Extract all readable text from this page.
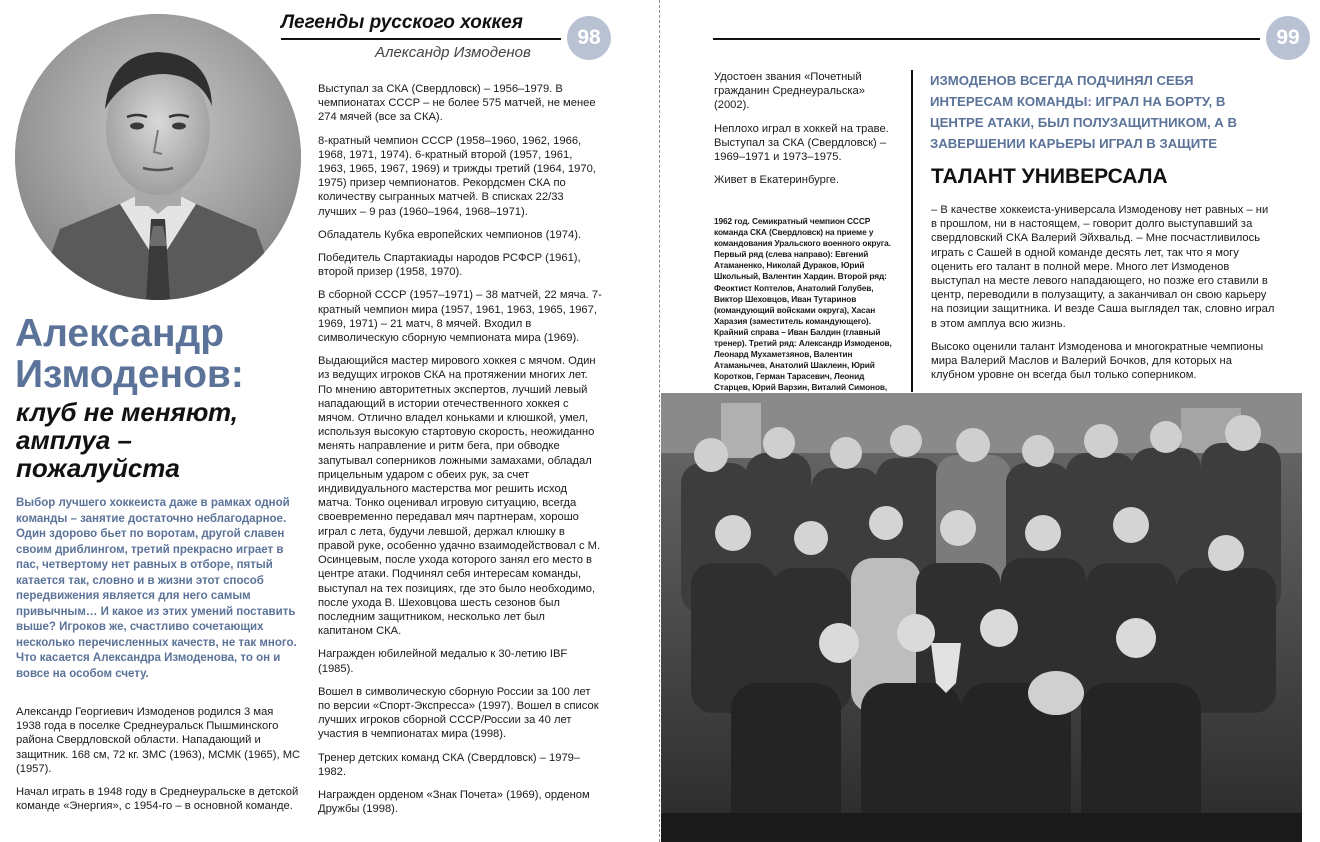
Легенды русского хоккея
Александр Измоденов
98
Александр
Измоденов:
клуб не меняют,
амплуа –
пожалуйста
Выбор лучшего хоккеиста даже в рамках одной команды – занятие достаточно неблагодарное. Один здорово бьет по воротам, другой славен своим дриблингом, третий прекрасно играет в пас, четвертому нет равных в отборе, пятый катается так, словно и в жизни этот способ передвижения является для него самым привычным… И какое из этих умений поставить выше? Игроков же, счастливо сочетающих несколько перечисленных качеств, не так много. Что касается Александра Измоденова, то он и вовсе на особом счету.

Александр Георгиевич Измоденов родился 3 мая 1938 года в поселке Среднеуральск Пышминского района Свердловской области. Нападающий и защитник. 168 см, 72 кг. ЗМС (1963), МСМК (1965), МС (1957).

Начал играть в 1948 году в Среднеуральске в детской команде «Энергия», с 1954-го – в основной команде.

Выступал за СКА (Свердловск) – 1956–1979. В чемпионатах СССР – не более 575 матчей, не менее 274 мячей (все за СКА).

8-кратный чемпион СССР (1958–1960, 1962, 1966, 1968, 1971, 1974). 6-кратный второй (1957, 1961, 1963, 1965, 1967, 1969) и трижды третий (1964, 1970, 1975) призер чемпионатов. Рекордсмен СКА по количеству сыгранных матчей. В списках 22/33 лучших – 9 раз (1960–1964, 1968–1971).

Обладатель Кубка европейских чемпионов (1974).

Победитель Спартакиады народов РСФСР (1961), второй призер (1958, 1970).

В сборной СССР (1957–1971) – 38 матчей, 22 мяча. 7-кратный чемпион мира (1957, 1961, 1963, 1965, 1967, 1969, 1971) – 21 матч, 8 мячей. Входил в символическую сборную чемпионата мира (1969).

Выдающийся мастер мирового хоккея с мячом. Один из ведущих игроков СКА на протяжении многих лет. По мнению авторитетных экспертов, лучший левый нападающий в истории отечественного хоккея с мячом. Отлично владел коньками и клюшкой, умел, используя высокую стартовую скорость, неожиданно менять направление и ритм бега, при обводке запутывал соперников ложными замахами, обладал прицельным ударом с обеих рук, за счет индивидуального мастерства мог решить исход матча. Тонко оценивал игровую ситуацию, всегда своевременно передавал мяч партнерам, хорошо играл с лета, будучи левшой, держал клюшку в правой руке, особенно удачно взаимодействовал с М. Осинцевым, после ухода которого занял его место в центре атаки. Подчинял себя интересам команды, выступал на тех позициях, где это было необходимо, после ухода В. Шеховцова шесть сезонов был последним защитником, несколько лет был капитаном СКА.

Награжден юбилейной медалью к 30-летию IBF (1985).

Вошел в символическую сборную России за 100 лет по версии «Спорт-Экспресса» (1997). Вошел в список лучших игроков сборной СССР/России за 40 лет участия в чемпионатах мира (1998).

Тренер детских команд СКА (Свердловск) – 1979–1982.

Награжден орденом «Знак Почета» (1969), орденом Дружбы (1998).

99

Удостоен звания «Почетный гражданин Среднеуральска» (2002).

Неплохо играл в хоккей на траве. Выступал за СКА (Свердловск) – 1969–1971 и 1973–1975.

Живет в Екатеринбурге.

1962 год. Семикратный чемпион СССР команда СКА (Свердловск) на приеме у командования Уральского военного округа. Первый ряд (слева направо): Евгений Атаманенко, Николай Дураков, Юрий Школьный, Валентин Хардин. Второй ряд: Феоктист Коптелов, Анатолий Голубев, Виктор Шеховцов, Иван Тутаринов (командующий войсками округа), Хасан Харазия (заместитель командующего). Крайний справа – Иван Балдин (главный тренер). Третий ряд: Александр Измоденов, Леонард Мухаметзянов, Валентин Атаманычев, Анатолий Шаклеин, Юрий Коротков, Герман Тарасевич, Леонид Старцев, Юрий Варзин, Виталий Симонов,
ИЗМОДЕНОВ ВСЕГДА ПОДЧИНЯЛ СЕБЯ ИНТЕРЕСАМ КОМАНДЫ: ИГРАЛ НА БОРТУ, В ЦЕНТРЕ АТАКИ, БЫЛ ПОЛУЗАЩИТНИКОМ, А В ЗАВЕРШЕНИИ КАРЬЕРЫ ИГРАЛ В ЗАЩИТЕ
ТАЛАНТ УНИВЕРСАЛА

– В качестве хоккеиста-универсала Измоденову нет равных – ни в прошлом, ни в настоящем, – говорит долго выступавший за свердловский СКА Валерий Эйхвальд. – Мне посчастливилось играть с Сашей в одной команде десять лет, так что я могу оценить его талант в полной мере. Много лет Измоденов выступал на месте левого нападающего, но позже его ставили в центр, переводили в полузащиту, а заканчивал он свою карьеру на позиции защитника. И везде Саша выглядел так, словно играл в этом амплуа всю жизнь.

Высоко оценили талант Измоденова и многократные чемпионы мира Валерий Маслов и Валерий Бочков, для которых на клубном уровне он всегда был только соперником.
